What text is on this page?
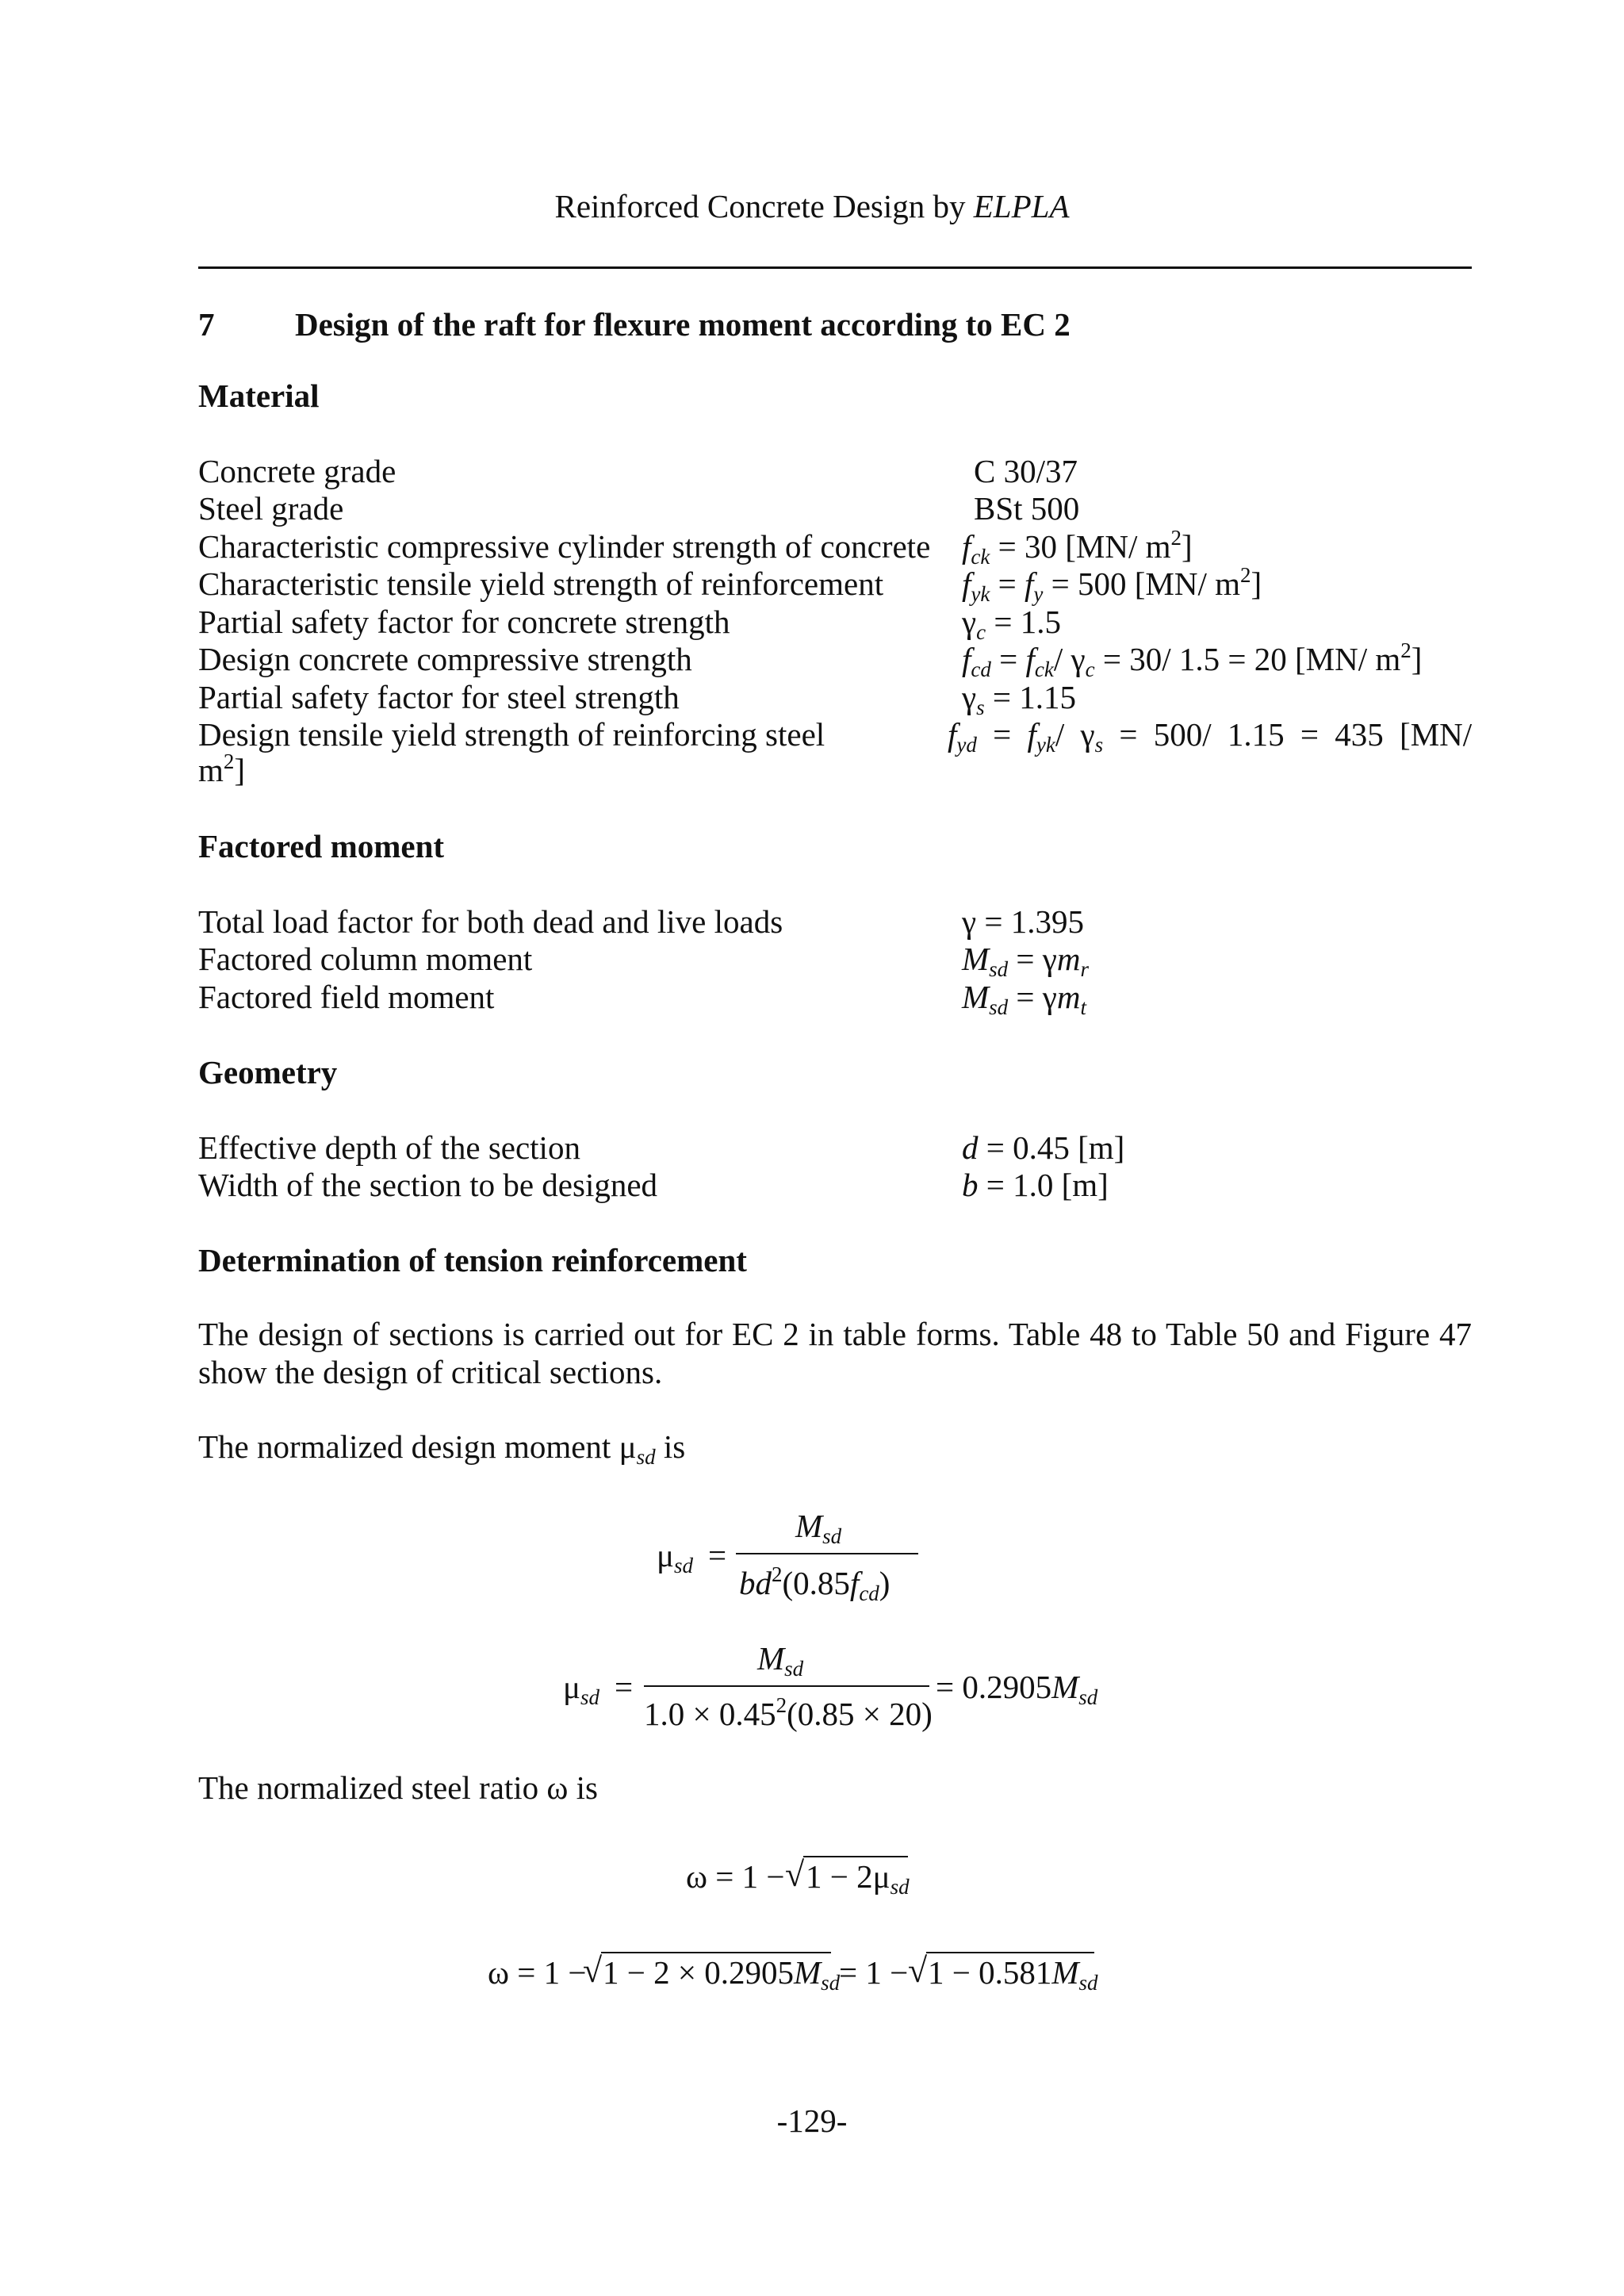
Reinforced Concrete Design by ELPLA
7 Design of the raft for flexure moment according to EC 2
Material
Concrete grade	C 30/37
Steel grade	BSt 500
Characteristic compressive cylinder strength of concrete $f_{ck} = 30$ [MN/ $m^2$]
Characteristic tensile yield strength of reinforcement $f_{yk} = f_y = 500$ [MN/ $m^2$]
Partial safety factor for concrete strength	$\gamma_c = 1.5$
Design concrete compressive strength	$f_{cd} = f_{ck}/$ $\gamma_c = 30/$ 1.5 = 20 [MN/ $m^2$]
Partial safety factor for steel strength	$\gamma_s = 1.15$
Design tensile yield strength of reinforcing steel	$f_{yd} = f_{yk}/$ $\gamma_s = 500/$ 1.15 = 435 [MN/
$m^2$]
Factored moment
Total load factor for both dead and live loads	γ = 1.395
Factored column moment	$M_{sd} = \gamma m_r$
Factored field moment	$M_{sd} = \gamma m_t$
Geometry
Effective depth of the section	d = 0.45 [m]
Width of the section to be designed	b = 1.0 [m]
Determination of tension reinforcement
The design of sections is carried out for EC 2 in table forms. Table 48 to Table 50 and Figure 47 show the design of critical sections.
The normalized design moment $\mu_{sd}$ is
$\mu_{sd}$ =
$M_{sd}$
$bd^2(0.85f_{cd})$
$\mu_{sd}$ =
$M_{sd}$
$1.0 \times 0.45^2(0.85 \times 20)$
= $0.2905M_{sd}$
The normalized steel ratio ω is
ω = 1 − √ $1 - 2\mu_{sd}$
ω = 1 −
√ $1 - 2 \times 0.2905M_{sd}$
= 1 − √ $1 - 0.581M_{sd}$
-129-
